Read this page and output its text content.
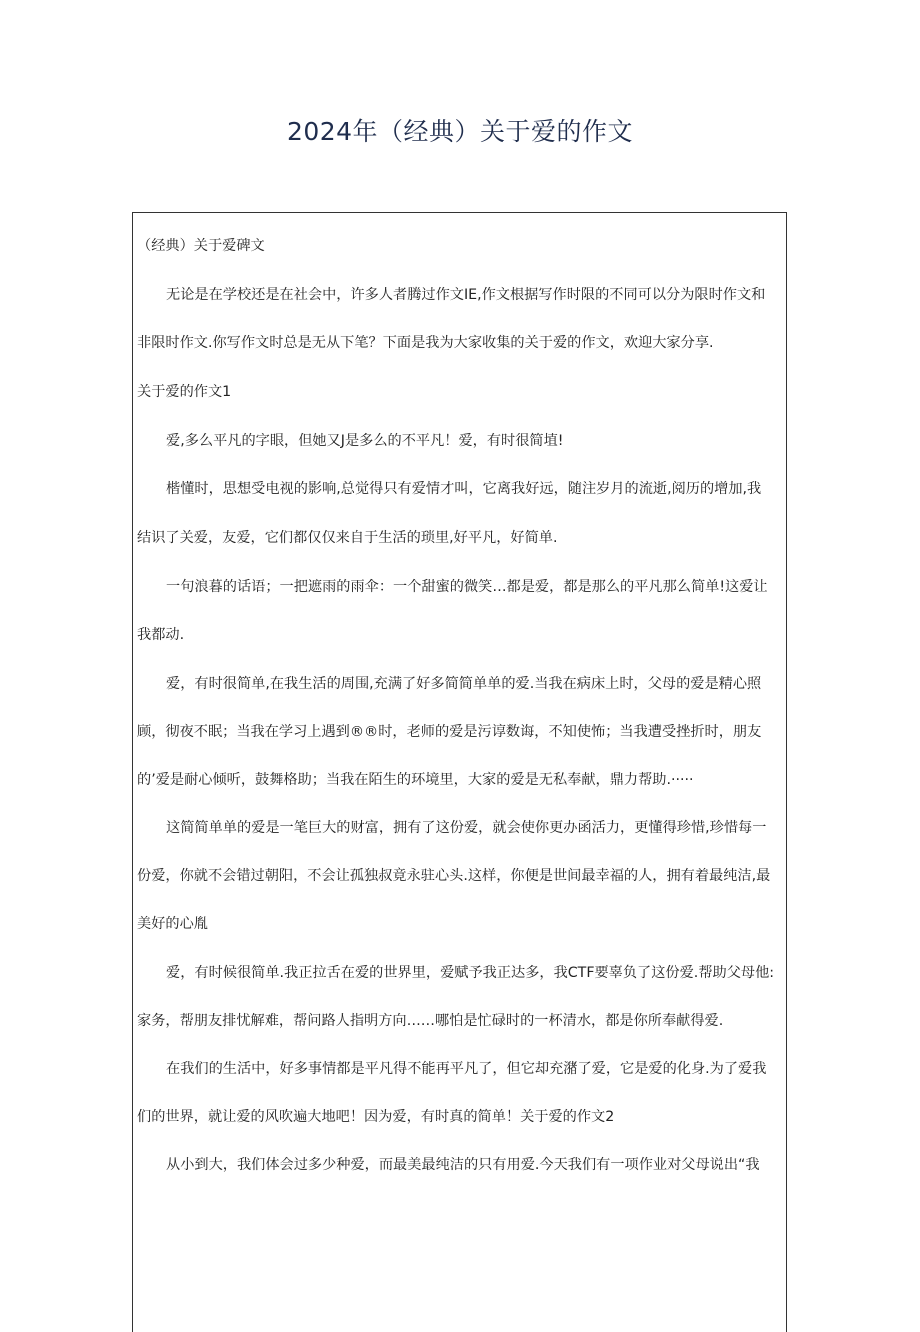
2024年（经典）关于爱的作文
（经典）关于爱碑文
无论是在学校还是在社会中，许多人者腾过作文IE,作文根据写作时限的不同可以分为限时作文和
非限时作文.你写作文时总是无从下笔？下面是我为大家收集的关于爱的作文，欢迎大家分享.
关于爱的作文1
爱,多么平凡的字眼，但她又J是多么的不平凡！爱，有时很简埴!
楷懂时，思想受电视的影响,总觉得只有爱情才叫，它离我好远，随注岁月的流逝,阅历的增加,我
结识了关爱，友爱，它们都仅仅来自于生活的琐里,好平凡，好简单.
一句浪暮的话语；一把遮雨的雨伞：一个甜蜜的微笑…都是爱，都是那么的平凡那么简单!这爱让
我都动.
爱，有时很简单,在我生活的周围,充满了好多简简单单的爱.当我在病床上时，父母的爱是精心照
顾，彻夜不眠；当我在学习上遇到®®时，老师的爱是污谆数诲，不知使怖；当我遭受挫折时，朋友
的’爱是耐心倾听，鼓舞格助；当我在陌生的环境里，大家的爱是无私奉献，鼎力帮助.·····
这简简单单的爱是一笔巨大的财富，拥有了这份爱，就会使你更办函活力，更懂得珍惜,珍惜每一
份爱，你就不会错过朝阳，不会让孤独叔竟永驻心头.这样，你便是世间最幸福的人，拥有着最纯洁,最
美好的心胤
爱，有时候很简单.我正拉舌在爱的世界里，爱赋予我正达多，我CTF要辜负了这份爱.帮助父母他:
家务，帮朋友排忧解难，帮问路人指明方向……哪怕是忙碌时的一杯清水，都是你所奉献得爱.
在我们的生活中，好多事情都是平凡得不能再平凡了，但它却充潴了爱，它是爱的化身.为了爱我
们的世界，就让爱的风吹遍大地吧！因为爱，有时真的简单！关于爱的作文2
从小到大，我们体会过多少种爱，而最美最纯洁的只有用爱.今天我们有一项作业对父母说出“我
